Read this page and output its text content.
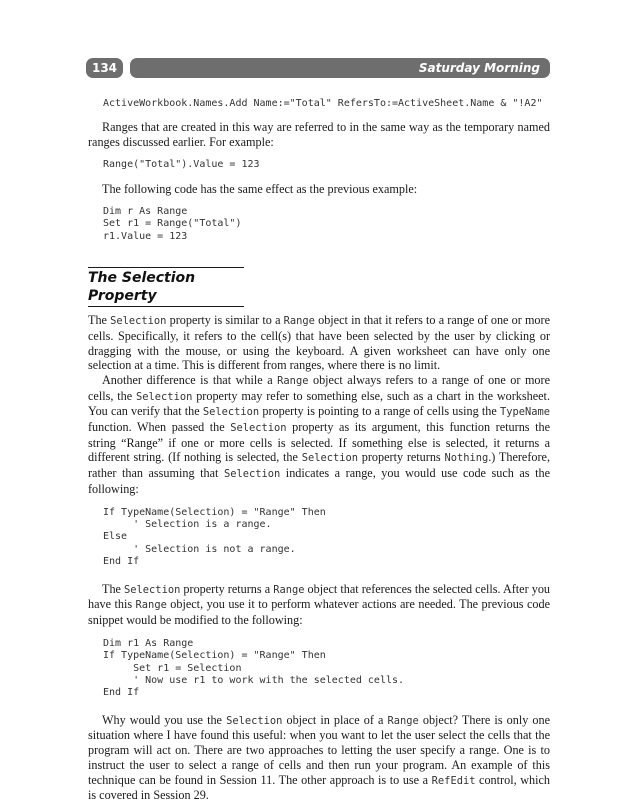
134	Saturday Morning
ActiveWorkbook.Names.Add Name:="Total" RefersTo:=ActiveSheet.Name & "!A2"

Ranges that are created in this way are referred to in the same way as the temporary named ranges discussed earlier. For example:

Range("Total").Value = 123

The following code has the same effect as the previous example:

Dim r As Range
Set r1 = Range("Total")
r1.Value = 123
The Selection Property

The Selection property is similar to a Range object in that it refers to a range of one or more cells. Specifically, it refers to the cell(s) that have been selected by the user by clicking or dragging with the mouse, or using the keyboard. A given worksheet can have only one selection at a time. This is different from ranges, where there is no limit.

Another difference is that while a Range object always refers to a range of one or more cells, the Selection property may refer to something else, such as a chart in the worksheet. You can verify that the Selection property is pointing to a range of cells using the TypeName function. When passed the Selection property as its argument, this function returns the string “Range” if one or more cells is selected. If something else is selected, it returns a different string. (If nothing is selected, the Selection property returns Nothing.) Therefore, rather than assuming that Selection indicates a range, you would use code such as the following:

If TypeName(Selection) = "Range" Then
' Selection is a range.
Else
' Selection is not a range.
End If

The Selection property returns a Range object that references the selected cells. After you have this Range object, you use it to perform whatever actions are needed. The previous code snippet would be modified to the following:

Dim r1 As Range
If TypeName(Selection) = "Range" Then
Set r1 = Selection
' Now use r1 to work with the selected cells.
End If

Why would you use the Selection object in place of a Range object? There is only one situation where I have found this useful: when you want to let the user select the cells that the program will act on. There are two approaches to letting the user specify a range. One is to instruct the user to select a range of cells and then run your program. An example of this technique can be found in Session 11. The other approach is to use a RefEdit control, which is covered in Session 29.
